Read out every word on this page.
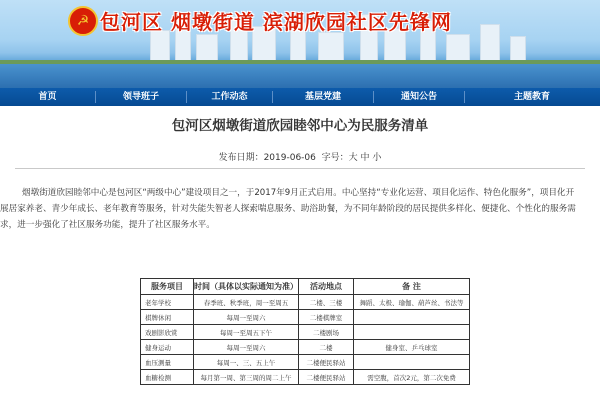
☭ 包河区 烟墩街道 滨湖欣园社区先锋网
首页	领导班子	工作动态	基层党建	通知公告	主题教育
包河区烟墩街道欣园睦邻中心为民服务清单
发布日期：2019-06-06 字号：大 中 小
烟墩街道欣园睦邻中心是包河区“两级中心”建设项目之一，于2017年9月正式启用。中心坚持“专业化运营、项目化运作、特色化服务”，项目化开
展居家养老、青少年成长、老年教育等服务，针对失能失智老人探索喘息服务、助浴助餐，为不同年龄阶段的居民提供多样化、便捷化、个性化的服务需
求，进一步强化了社区服务功能，提升了社区服务水平。
服务项目	时间（具体以实际通知为准）	活动地点	备 注
老年学校	春季班、秋季班，周一至周五	二楼、三楼	舞蹈、太极、瑜伽、葫芦丝、书法等
棋牌休闲	每周一至周六	二楼棋牌室	
戏剧影欣赏	每周一至周五下午	二楼剧场	
健身运动	每周一至周六	二楼	健身室、乒乓球室
血压测量	每周一、三、五上午	二楼便民驿站	
血糖检测	每月第一周、第三周的周二上午	二楼便民驿站	需空腹，首次2元，第二次免费
